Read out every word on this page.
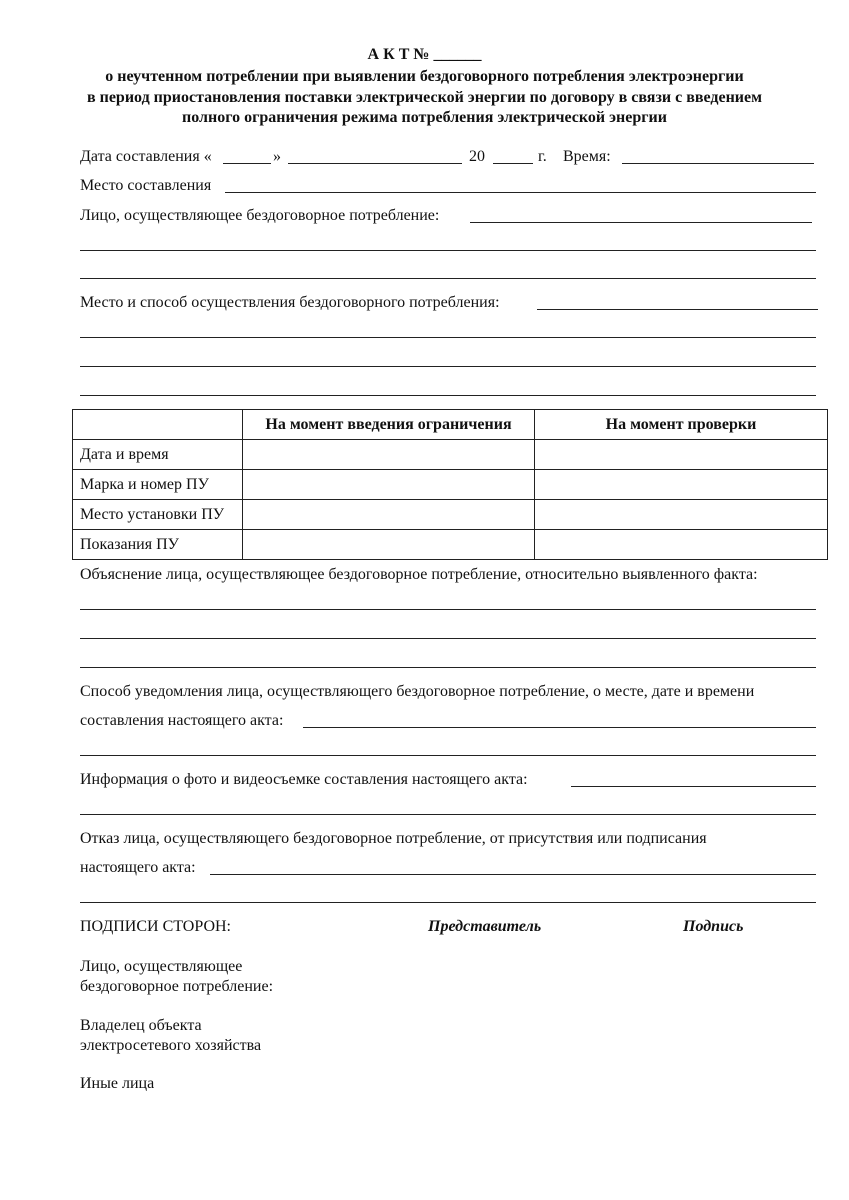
А К Т № ______
о неучтенном потреблении при выявлении бездоговорного потребления электроэнергии
в период приостановления поставки электрической энергии по договору в связи с введением
полного ограничения режима потребления электрической энергии
Дата составления «	»	20	г. Время:
Место составления
Лицо, осуществляющее бездоговорное потребление:
Место и способ осуществления бездоговорного потребления:
	На момент введения ограничения	На момент проверки
Дата и время		
Марка и номер ПУ		
Место установки ПУ		
Показания ПУ		
Объяснение лица, осуществляющее бездоговорное потребление, относительно выявленного факта:
Способ уведомления лица, осуществляющего бездоговорное потребление, о месте, дате и времени
составления настоящего акта:
Информация о фото и видеосъемке составления настоящего акта:
Отказ лица, осуществляющего бездоговорное потребление, от присутствия или подписания
настоящего акта:
ПОДПИСИ СТОРОН:	Представитель	Подпись
Лицо, осуществляющее
бездоговорное потребление:
Владелец объекта
электросетевого хозяйства
Иные лица
